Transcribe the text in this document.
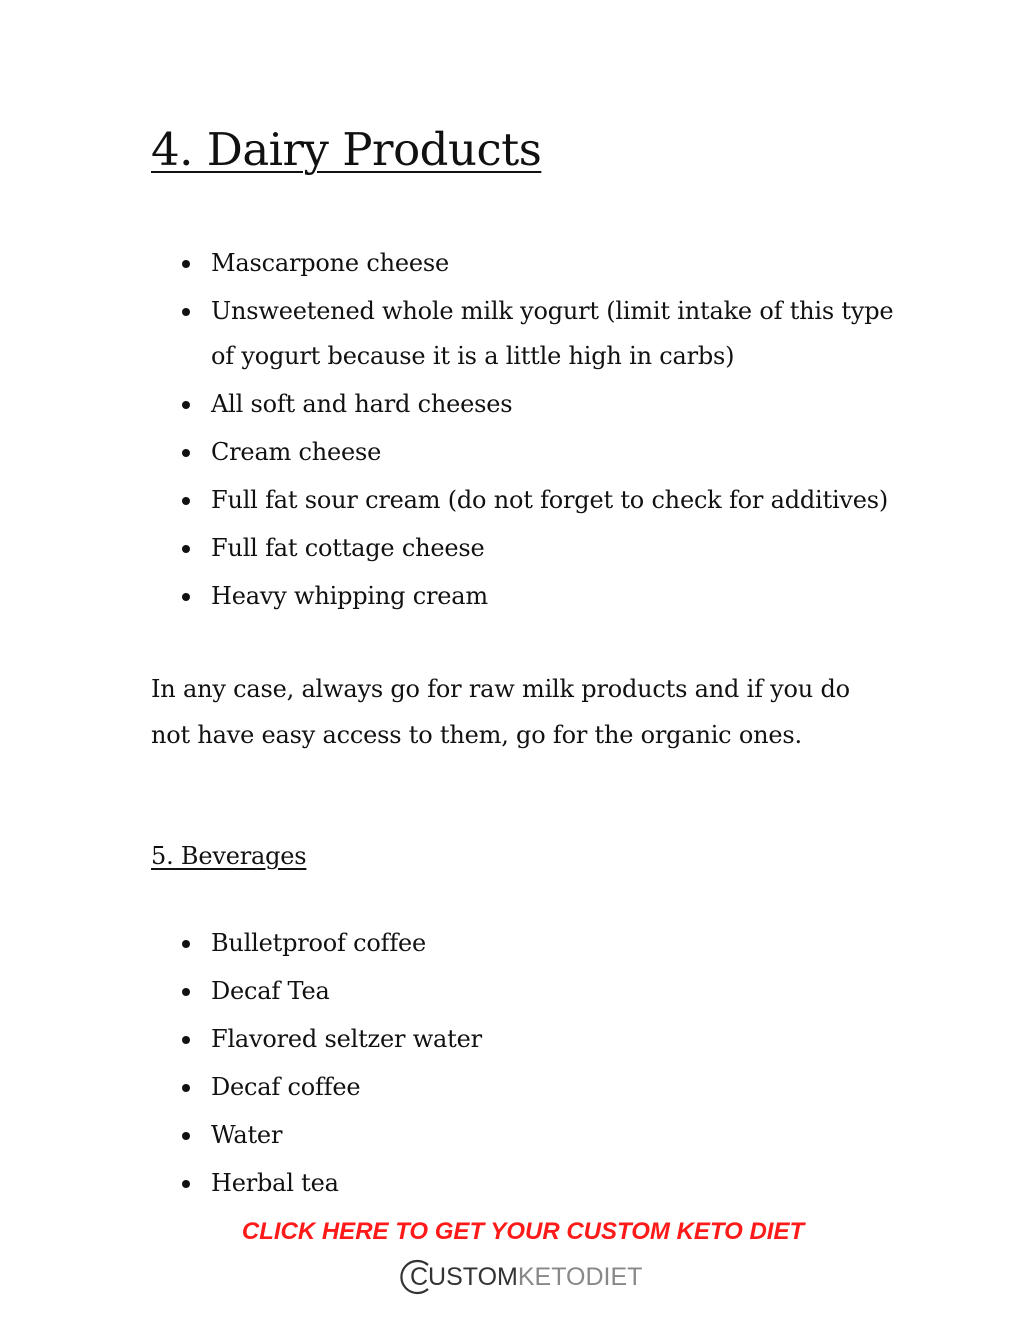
4. Dairy Products
Mascarpone cheese
Unsweetened whole milk yogurt (limit intake of this type of yogurt because it is a little high in carbs)
All soft and hard cheeses
Cream cheese
Full fat sour cream (do not forget to check for additives)
Full fat cottage cheese
Heavy whipping cream

In any case, always go for raw milk products and if you do not have easy access to them, go for the organic ones.

5. Beverages
Bulletproof coffee
Decaf Tea
Flavored seltzer water
Decaf coffee
Water
Herbal tea
CLICK HERE TO GET YOUR CUSTOM KETO DIET
CUSTOM KETODIET
